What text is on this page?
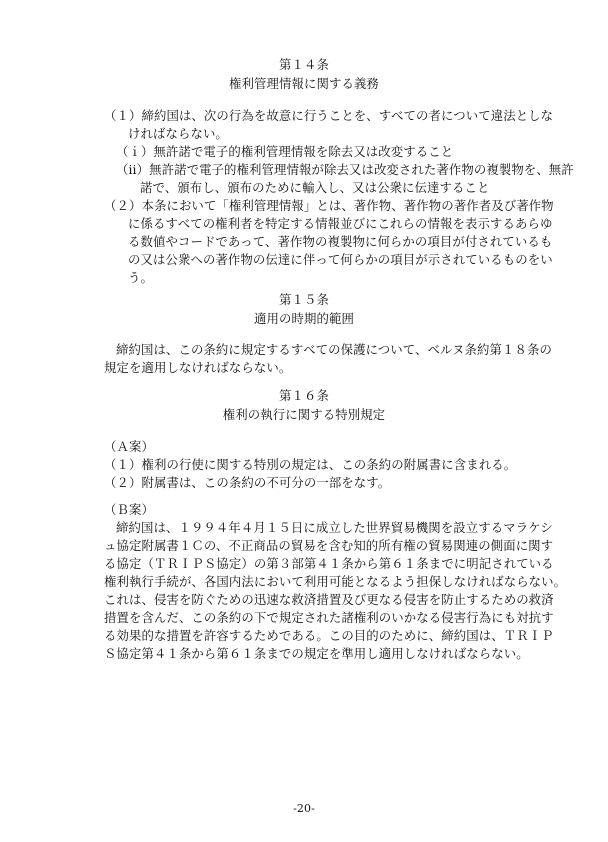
第１４条
権利管理情報に関する義務
（１）締約国は、次の行為を故意に行うことを、すべての者について違法としな
ければならない。
（ｉ）無許諾で電子的権利管理情報を除去又は改変すること
（ii）無許諾で電子的権利管理情報が除去又は改変された著作物の複製物を、無許
諾で、頒布し、頒布のために輸入し、又は公衆に伝達すること
（２）本条において「権利管理情報」とは、著作物、著作物の著作者及び著作物
に係るすべての権利者を特定する情報並びにこれらの情報を表示するあらゆ
る数値やコードであって、著作物の複製物に何らかの項目が付されているも
の又は公衆への著作物の伝達に伴って何らかの項目が示されているものをい
う。
第１５条
適用の時期的範囲
締約国は、この条約に規定するすべての保護について、ベルヌ条約第１８条の
規定を適用しなければならない。
第１６条
権利の執行に関する特別規定
（Ａ案）
（１）権利の行使に関する特別の規定は、この条約の附属書に含まれる。
（２）附属書は、この条約の不可分の一部をなす。
（Ｂ案）
締約国は、１９９４年４月１５日に成立した世界貿易機関を設立するマラケシ
ュ協定附属書１Ｃの、不正商品の貿易を含む知的所有権の貿易関連の側面に関す
る協定（ＴＲＩＰＳ協定）の第３部第４１条から第６１条までに明記されている
権利執行手続が、各国内法において利用可能となるよう担保しなければならない。
これは、侵害を防ぐための迅速な救済措置及び更なる侵害を防止するための救済
措置を含んだ、この条約の下で規定された諸権利のいかなる侵害行為にも対抗す
る効果的な措置を許容するためである。この目的のために、締約国は、ＴＲＩＰ
Ｓ協定第４１条から第６１条までの規定を準用し適用しなければならない。
-20-
